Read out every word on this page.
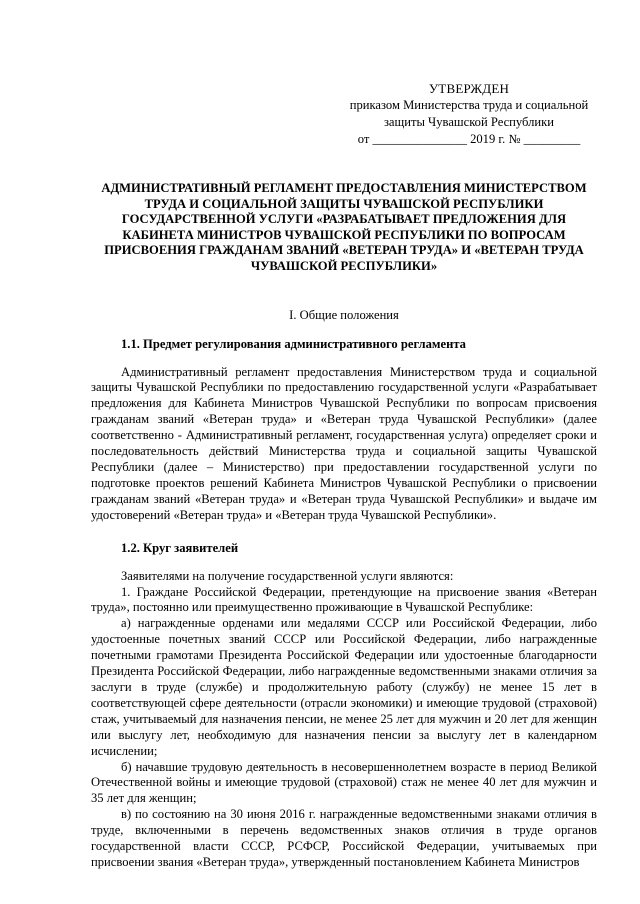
УТВЕРЖДЕН
приказом Министерства труда и социальной
защиты Чувашской Республики
от _______________ 2019 г. № _________
АДМИНИСТРАТИВНЫЙ РЕГЛАМЕНТ ПРЕДОСТАВЛЕНИЯ МИНИСТЕРСТВОМ ТРУДА И СОЦИАЛЬНОЙ ЗАЩИТЫ ЧУВАШСКОЙ РЕСПУБЛИКИ ГОСУДАРСТВЕННОЙ УСЛУГИ «РАЗРАБАТЫВАЕТ ПРЕДЛОЖЕНИЯ ДЛЯ КАБИНЕТА МИНИСТРОВ ЧУВАШСКОЙ РЕСПУБЛИКИ ПО ВОПРОСАМ ПРИСВОЕНИЯ ГРАЖДАНАМ ЗВАНИЙ «ВЕТЕРАН ТРУДА» И «ВЕТЕРАН ТРУДА ЧУВАШСКОЙ РЕСПУБЛИКИ»
I. Общие положения
1.1. Предмет регулирования административного регламента

Административный регламент предоставления Министерством труда и социальной защиты Чувашской Республики по предоставлению государственной услуги «Разрабатывает предложения для Кабинета Министров Чувашской Республики по вопросам присвоения гражданам званий «Ветеран труда» и «Ветеран труда Чувашской Республики» (далее соответственно - Административный регламент, государственная услуга) определяет сроки и последовательность действий Министерства труда и социальной защиты Чувашской Республики (далее – Министерство) при предоставлении государственной услуги по подготовке проектов решений Кабинета Министров Чувашской Республики о присвоении гражданам званий «Ветеран труда» и «Ветеран труда Чувашской Республики» и выдаче им удостоверений «Ветеран труда» и «Ветеран труда Чувашской Республики».

1.2. Круг заявителей

Заявителями на получение государственной услуги являются:

1. Граждане Российской Федерации, претендующие на присвоение звания «Ветеран труда», постоянно или преимущественно проживающие в Чувашской Республике:

а) награжденные орденами или медалями СССР или Российской Федерации, либо удостоенные почетных званий СССР или Российской Федерации, либо награжденные почетными грамотами Президента Российской Федерации или удостоенные благодарности Президента Российской Федерации, либо награжденные ведомственными знаками отличия за заслуги в труде (службе) и продолжительную работу (службу) не менее 15 лет в соответствующей сфере деятельности (отрасли экономики) и имеющие трудовой (страховой) стаж, учитываемый для назначения пенсии, не менее 25 лет для мужчин и 20 лет для женщин или выслугу лет, необходимую для назначения пенсии за выслугу лет в календарном исчислении;

б) начавшие трудовую деятельность в несовершеннолетнем возрасте в период Великой Отечественной войны и имеющие трудовой (страховой) стаж не менее 40 лет для мужчин и 35 лет для женщин;

в) по состоянию на 30 июня 2016 г. награжденные ведомственными знаками отличия в труде, включенными в перечень ведомственных знаков отличия в труде органов государственной власти СССР, РСФСР, Российской Федерации, учитываемых при присвоении звания «Ветеран труда», утвержденный постановлением Кабинета Министров
